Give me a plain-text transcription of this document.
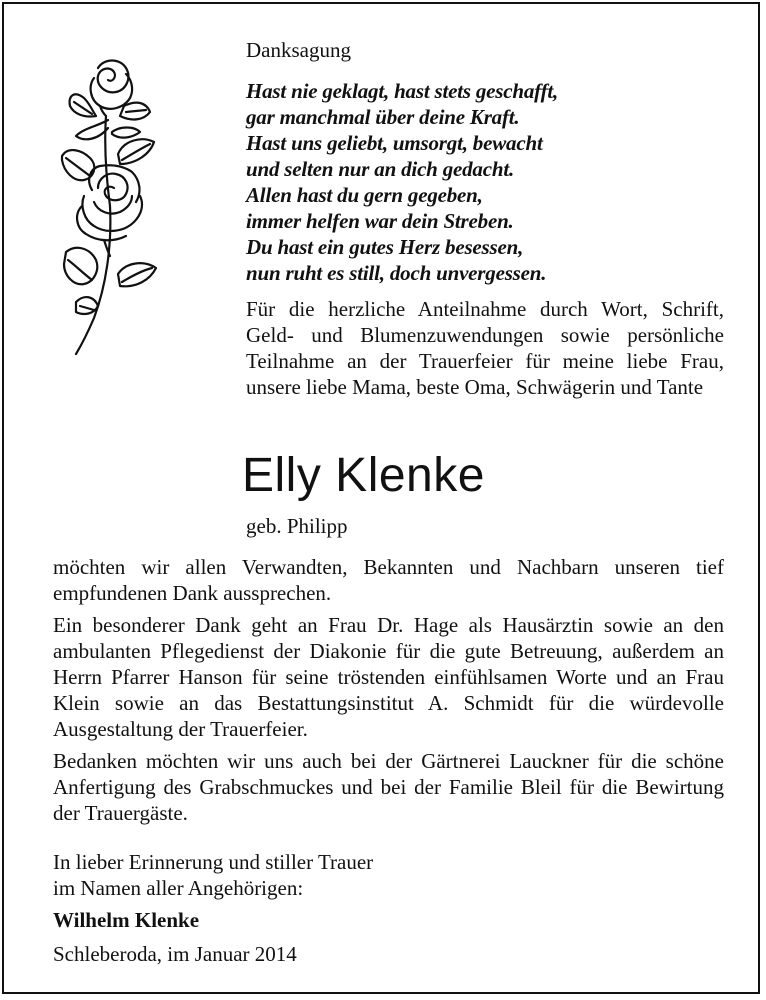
Danksagung
Hast nie geklagt, hast stets geschafft,
gar manchmal über deine Kraft.
Hast uns geliebt, umsorgt, bewacht
und selten nur an dich gedacht.
Allen hast du gern gegeben,
immer helfen war dein Streben.
Du hast ein gutes Herz besessen,
nun ruht es still, doch unvergessen.
Für die herzliche Anteilnahme durch Wort, Schrift, Geld- und Blumenzuwendungen sowie persönliche Teilnahme an der Trauerfeier für meine liebe Frau, unsere liebe Mama, beste Oma, Schwägerin und Tante
Elly Klenke
geb. Philipp

möchten wir allen Verwandten, Bekannten und Nachbarn unseren tief empfundenen Dank aussprechen.

Ein besonderer Dank geht an Frau Dr. Hage als Hausärztin sowie an den ambulanten Pflegedienst der Diakonie für die gute Betreuung, außerdem an Herrn Pfarrer Hanson für seine tröstenden einfühlsamen Worte und an Frau Klein sowie an das Bestattungsinstitut A. Schmidt für die würdevolle Ausgestaltung der Trauerfeier.

Bedanken möchten wir uns auch bei der Gärtnerei Lauckner für die schöne Anfertigung des Grabschmuckes und bei der Familie Bleil für die Bewirtung der Trauergäste.

In lieber Erinnerung und stiller Trauer
im Namen aller Angehörigen:
Wilhelm Klenke
Schleberoda, im Januar 2014
